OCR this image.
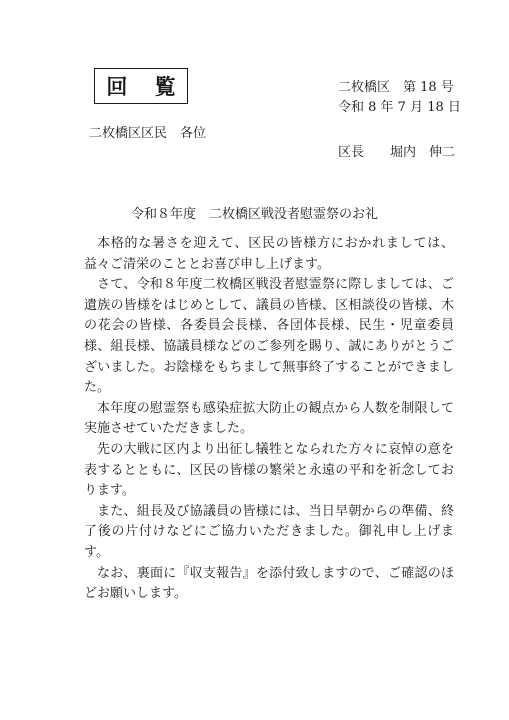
回 覧	二枚橋区　第 18 号
令和 8 年 7 月 18 日
二枚橋区区民　各位
区長　　堀内　伸二
令和８年度　二枚橋区戦没者慰霊祭のお礼

本格的な暑さを迎えて、区民の皆様方におかれましては、益々ご清栄のこととお喜び申し上げます。

さて、令和８年度二枚橋区戦没者慰霊祭に際しましては、ご遺族の皆様をはじめとして、議員の皆様、区相談役の皆様、木の花会の皆様、各委員会長様、各団体長様、民生・児童委員様、組長様、協議員様などのご参列を賜り、誠にありがとうございました。お陰様をもちまして無事終了することができました。

本年度の慰霊祭も感染症拡大防止の観点から人数を制限して実施させていただきました。

先の大戦に区内より出征し犠牲となられた方々に哀悼の意を表するとともに、区民の皆様の繁栄と永遠の平和を祈念しております。

また、組長及び協議員の皆様には、当日早朝からの準備、終了後の片付けなどにご協力いただきました。御礼申し上げます。

なお、裏面に『収支報告』を添付致しますので、ご確認のほどお願いします。
